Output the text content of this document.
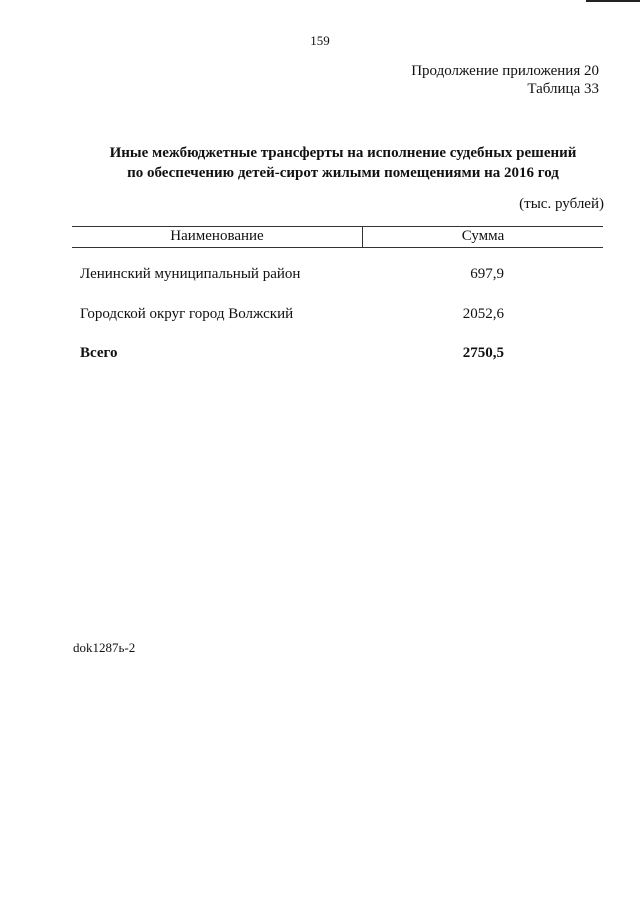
159
Продолжение приложения 20
Таблица 33
Иные межбюджетные трансферты на исполнение судебных решений
по обеспечению детей-сирот жилыми помещениями на 2016 год
(тыс. рублей)
Наименование	Сумма
Ленинский муниципальный район	697,9
Городской округ город Волжский	2052,6
Всего	2750,5
dok1287ь-2
